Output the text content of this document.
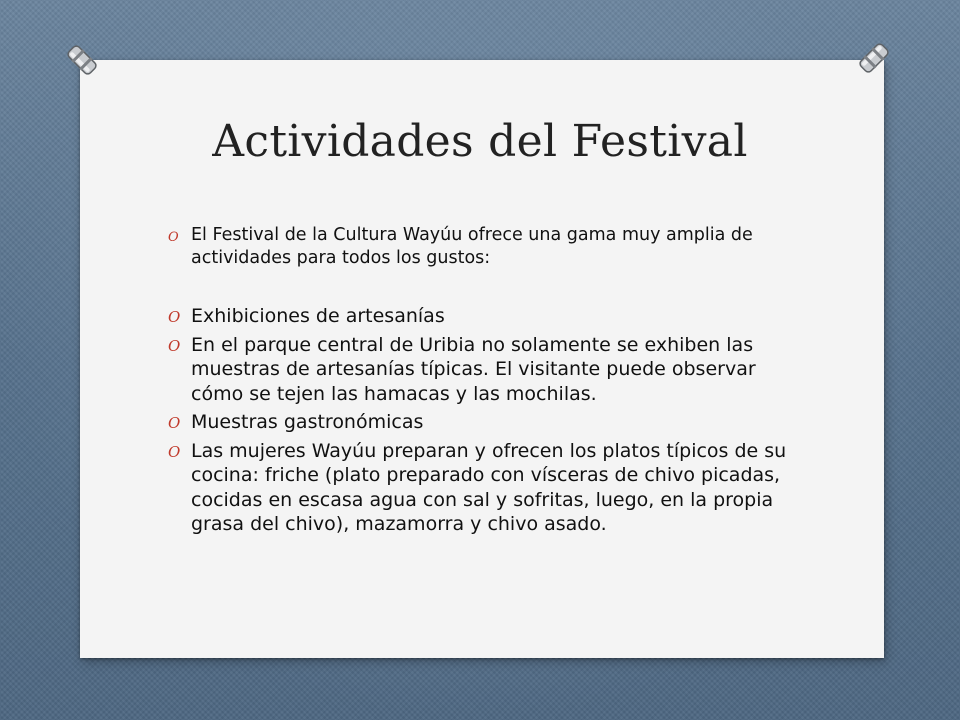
Actividades del Festival
O El Festival de la Cultura Wayúu ofrece una gama muy amplia de actividades para todos los gustos:
O Exhibiciones de artesanías
O En el parque central de Uribia no solamente se exhiben las muestras de artesanías típicas. El visitante puede observar cómo se tejen las hamacas y las mochilas.
O Muestras gastronómicas
O Las mujeres Wayúu preparan y ofrecen los platos típicos de su cocina: friche (plato preparado con vísceras de chivo picadas, cocidas en escasa agua con sal y sofritas, luego, en la propia grasa del chivo), mazamorra y chivo asado.
